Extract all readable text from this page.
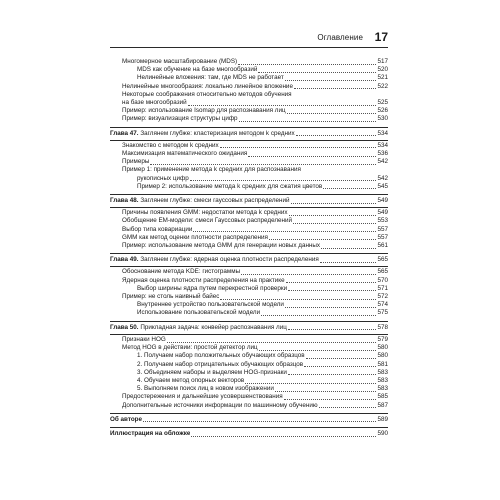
Оглавление 17
Многомерное масштабирование (MDS)	517
MDS как обучение на базе многообразий	520
Нелинейные вложения: там, где MDS не работает	521
Нелинейные многообразия: локально линейное вложение	522
Некоторые соображения относительно методов обучения
на базе многообразий	525
Пример: использование Isomap для распознавания лиц	526
Пример: визуализация структуры цифр	530
Глава 47. Заглянем глубже: кластеризация методом k средних	534
Знакомство с методом k средних	534
Максимизация математического ожидания	536
Примеры	542
Пример 1: применение метода k средних для распознавания
рукописных цифр	542
Пример 2: использование метода k средних для сжатия цветов	545
Глава 48. Заглянем глубже: смеси гауссовых распределений	549
Причины появления GMM: недостатки метода k средних	549
Обобщение EM-модели: смеси Гауссовых распределений	553
Выбор типа ковариации	557
GMM как метод оценки плотности распределения	557
Пример: использование метода GMM для генерации новых данных	561
Глава 49. Заглянем глубже: ядерная оценка плотности распределения	565
Обоснование метода KDE: гистограммы	565
Ядерная оценка плотности распределения на практике	570
Выбор ширины ядра путем перекрестной проверки	571
Пример: не столь наивный байес	572
Внутреннее устройство пользовательской модели	574
Использование пользовательской модели	575
Глава 50. Прикладная задача: конвейер распознавания лиц	578
Признаки HOG	579
Метод HOG в действии: простой детектор лиц	580
1. Получаем набор положительных обучающих образцов	580
2. Получаем набор отрицательных обучающих образцов	581
3. Объединяем наборы и выделяем HOG-признаки	583
4. Обучаем метод опорных векторов	583
5. Выполняем поиск лиц в новом изображении	583
Предостережения и дальнейшие усовершенствования	585
Дополнительные источники информации по машинному обучению	587
Об авторе	589
Иллюстрация на обложке	590
